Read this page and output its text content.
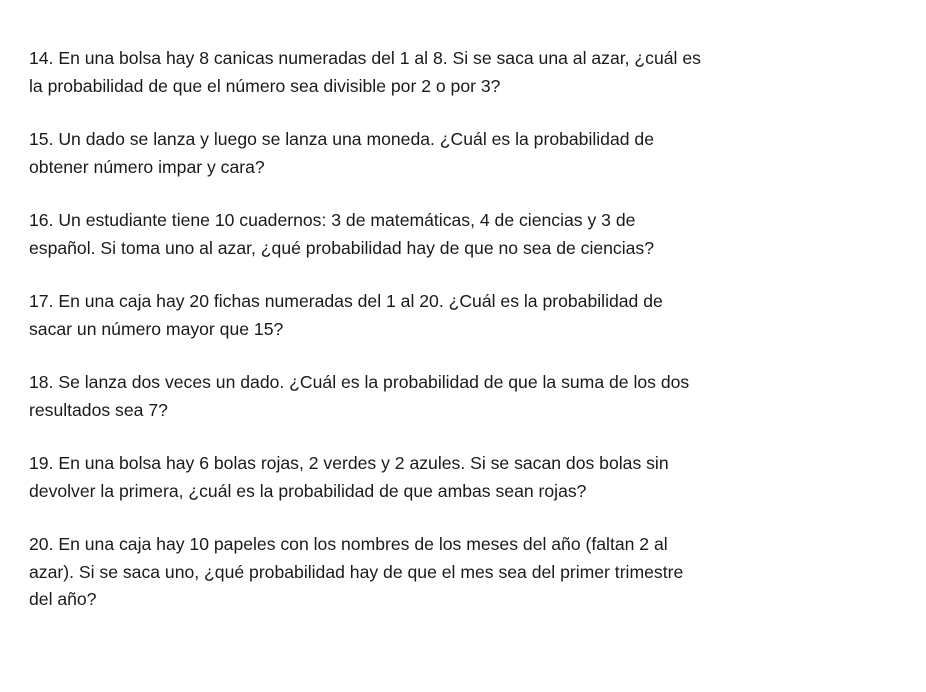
14. En una bolsa hay 8 canicas numeradas del 1 al 8. Si se saca una al azar, ¿cuál es
la probabilidad de que el número sea divisible por 2 o por 3?
15. Un dado se lanza y luego se lanza una moneda. ¿Cuál es la probabilidad de
obtener número impar y cara?
16. Un estudiante tiene 10 cuadernos: 3 de matemáticas, 4 de ciencias y 3 de
español. Si toma uno al azar, ¿qué probabilidad hay de que no sea de ciencias?
17. En una caja hay 20 fichas numeradas del 1 al 20. ¿Cuál es la probabilidad de
sacar un número mayor que 15?
18. Se lanza dos veces un dado. ¿Cuál es la probabilidad de que la suma de los dos
resultados sea 7?
19. En una bolsa hay 6 bolas rojas, 2 verdes y 2 azules. Si se sacan dos bolas sin
devolver la primera, ¿cuál es la probabilidad de que ambas sean rojas?
20. En una caja hay 10 papeles con los nombres de los meses del año (faltan 2 al
azar). Si se saca uno, ¿qué probabilidad hay de que el mes sea del primer trimestre
del año?
